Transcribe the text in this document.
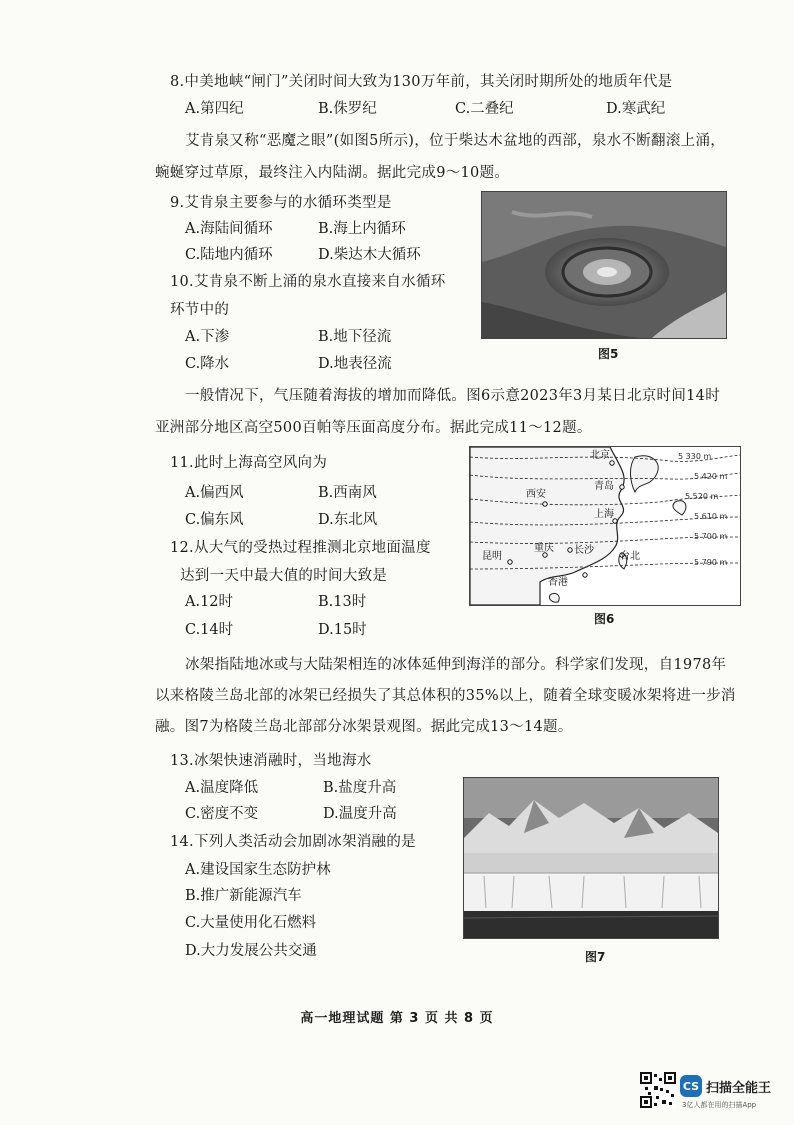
8.中美地峡“闸门”关闭时间大致为130万年前，其关闭时期所处的地质年代是
A.第四纪	B.侏罗纪	C.二叠纪	D.寒武纪
艾肯泉又称“恶魔之眼”(如图5所示)，位于柴达木盆地的西部，泉水不断翻滚上涌，
蜿蜒穿过草原，最终注入内陆湖。据此完成9～10题。
9.艾肯泉主要参与的水循环类型是
A.海陆间循环	B.海上内循环
C.陆地内循环	D.柴达木大循环
10.艾肯泉不断上涌的泉水直接来自水循环
环节中的
A.下渗	B.地下径流
C.降水	D.地表径流
图5
一般情况下，气压随着海拔的增加而降低。图6示意2023年3月某日北京时间14时
亚洲部分地区高空500百帕等压面高度分布。据此完成11～12题。
11.此时上海高空风向为
A.偏西风	B.西南风
C.偏东风	D.东北风
12.从大气的受热过程推测北京地面温度
达到一天中最大值的时间大致是
A.12时	B.13时
C.14时	D.15时
5 330 m
5 420 m
5 520 m
5 610 m
5 700 m
5 790 m
北京
青岛
西安
上海
昆明
重庆 长沙
台北
香港
图6
冰架指陆地冰或与大陆架相连的冰体延伸到海洋的部分。科学家们发现，自1978年
以来格陵兰岛北部的冰架已经损失了其总体积的35%以上，随着全球变暖冰架将进一步消
融。图7为格陵兰岛北部部分冰架景观图。据此完成13～14题。
13.冰架快速消融时，当地海水
A.温度降低	B.盐度升高
C.密度不变	D.温度升高
14.下列人类活动会加剧冰架消融的是
A.建设国家生态防护林
B.推广新能源汽车
C.大量使用化石燃料
D.大力发展公共交通	图7
高一地理试题 第 3 页 共 8 页
CS 扫描全能王
3亿人都在用的扫描App
